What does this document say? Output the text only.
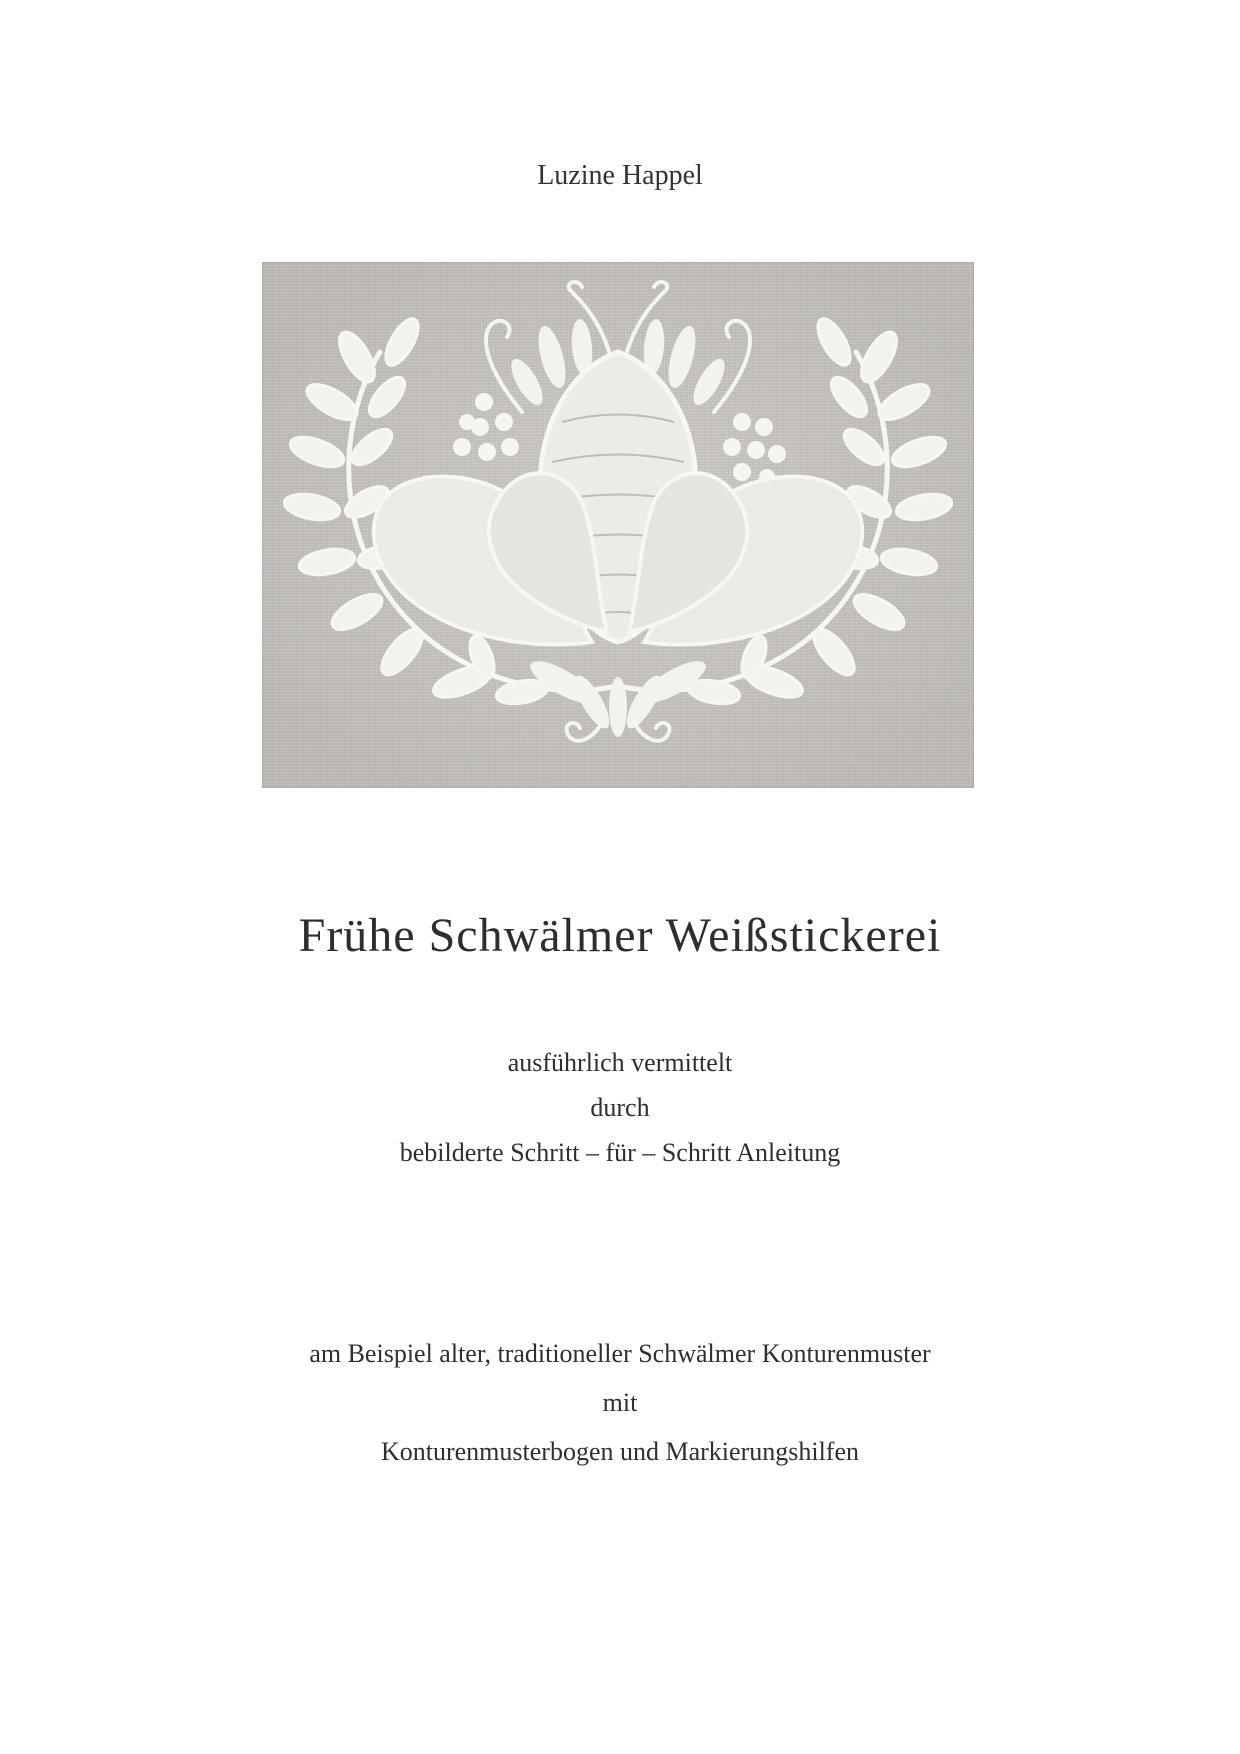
Luzine Happel
Frühe Schwälmer Weißstickerei
ausführlich vermittelt
durch
bebilderte Schritt – für – Schritt Anleitung
am Beispiel alter, traditioneller Schwälmer Konturenmuster
mit
Konturenmusterbogen und Markierungshilfen
